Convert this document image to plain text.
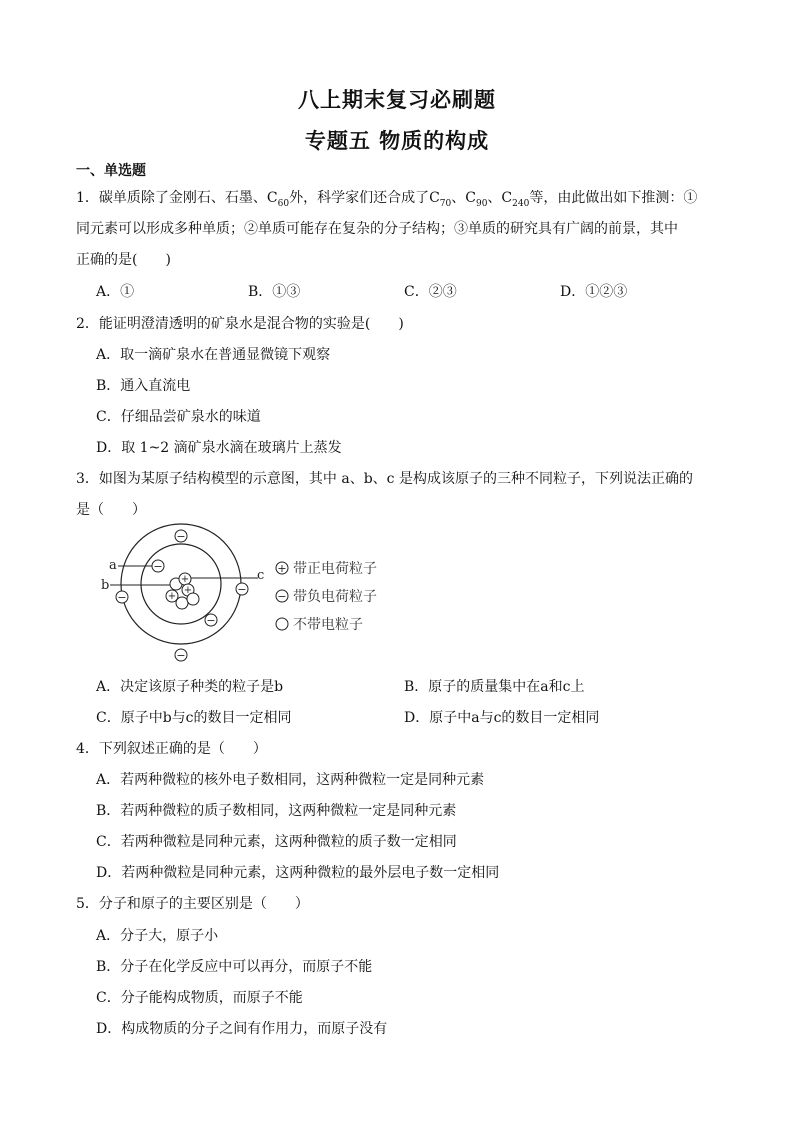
八上期末复习必刷题
专题五 物质的构成
一、单选题
1．碳单质除了金刚石、石墨、$C_{60}$外，科学家们还合成了$C_{70}$、$C_{90}$、$C_{240}$等，由此做出如下推测：①
同元素可以形成多种单质；②单质可能存在复杂的分子结构；③单质的研究具有广阔的前景，其中
正确的是(　　)
A．①	B．①③	C．②③	D．①②③
2．能证明澄清透明的矿泉水是混合物的实验是(　　)
A．取一滴矿泉水在普通显微镜下观察
B．通入直流电
C．仔细品尝矿泉水的味道
D．取 1~2 滴矿泉水滴在玻璃片上蒸发
3．如图为某原子结构模型的示意图，其中 a、b、c 是构成该原子的三种不同粒子，下列说法正确的
是（　　）
+
+
+
−
−
−
−
−
−
a
b
c + 带正电荷粒子
− 带负电荷粒子
不带电粒子
A．决定该原子种类的粒子是b	B．原子的质量集中在a和c上
C．原子中b与c的数目一定相同	D．原子中a与c的数目一定相同
4．下列叙述正确的是（　　）
A．若两种微粒的核外电子数相同，这两种微粒一定是同种元素
B．若两种微粒的质子数相同，这两种微粒一定是同种元素
C．若两种微粒是同种元素，这两种微粒的质子数一定相同
D．若两种微粒是同种元素，这两种微粒的最外层电子数一定相同
5．分子和原子的主要区别是（　　）
A．分子大，原子小
B．分子在化学反应中可以再分，而原子不能
C．分子能构成物质，而原子不能
D．构成物质的分子之间有作用力，而原子没有
